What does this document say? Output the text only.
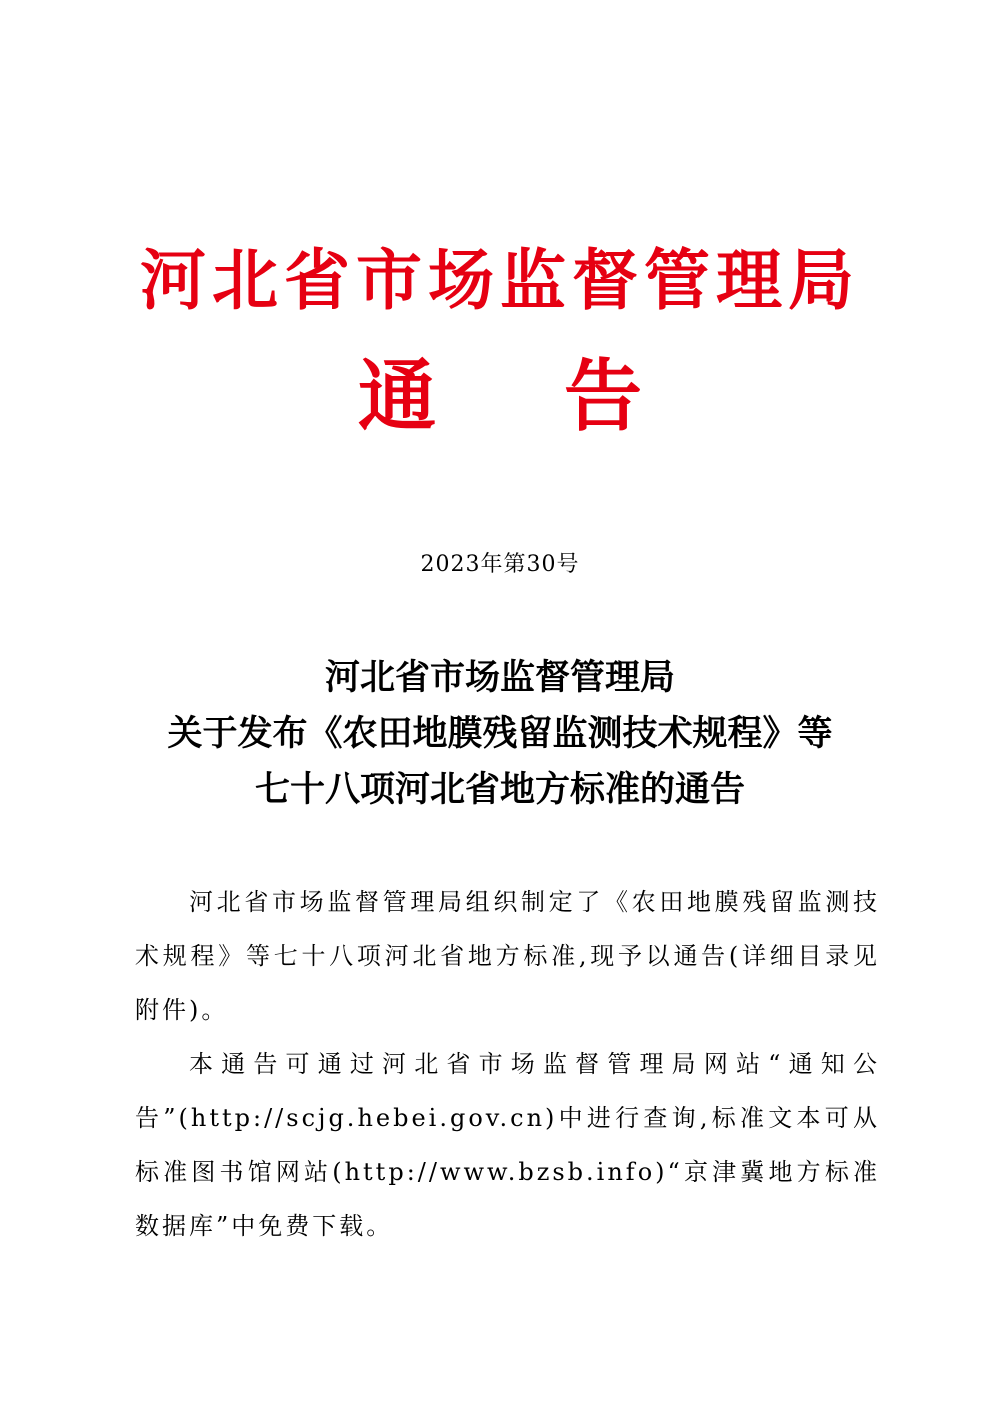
河北省市场监督管理局
通 告
2023年第30号
河北省市场监督管理局
关于发布《农田地膜残留监测技术规程》等
七十八项河北省地方标准的通告

河北省市场监督管理局组织制定了《农田地膜残留监测技术规程》等七十八项河北省地方标准,现予以通告(详细目录见附件)。

本通告可通过河北省市场监督管理局网站“通知公告”(http://scjg.hebei.gov.cn)中进行查询,标准文本可从标准图书馆网站(http://www.bzsb.info)“京津冀地方标准数据库”中免费下载。
